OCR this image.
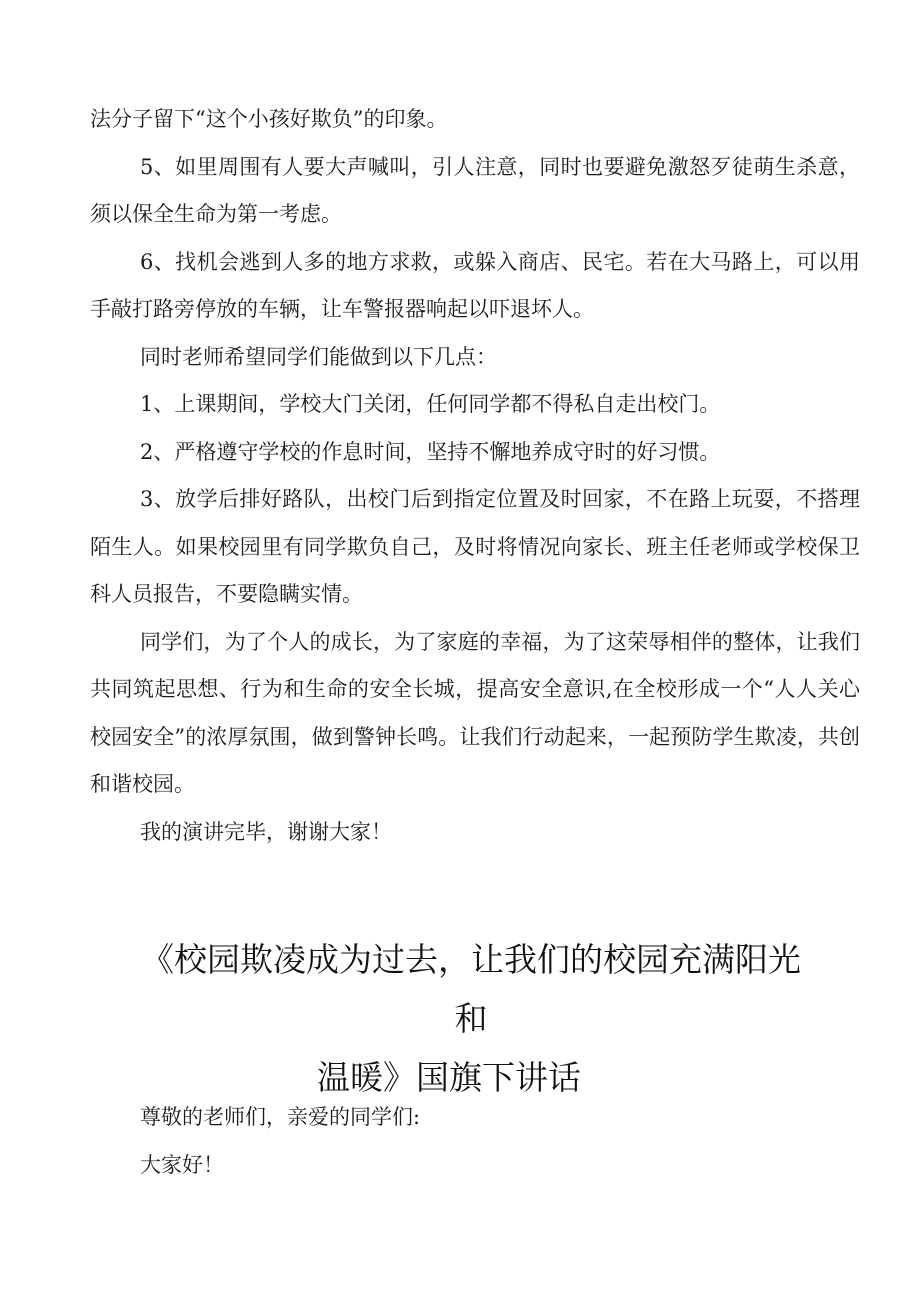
法分子留下“这个小孩好欺负”的印象。

5、如里周围有人要大声喊叫，引人注意，同时也要避免激怒歹徒萌生杀意，须以保全生命为第一考虑。

6、找机会逃到人多的地方求救，或躲入商店、民宅。若在大马路上，可以用手敲打路旁停放的车辆，让车警报器响起以吓退坏人。

同时老师希望同学们能做到以下几点：

1、上课期间，学校大门关闭，任何同学都不得私自走出校门。

2、严格遵守学校的作息时间，坚持不懈地养成守时的好习惯。

3、放学后排好路队，出校门后到指定位置及时回家，不在路上玩耍，不搭理陌生人。如果校园里有同学欺负自己，及时将情况向家长、班主任老师或学校保卫科人员报告，不要隐瞒实情。

同学们，为了个人的成长，为了家庭的幸福，为了这荣辱相伴的整体，让我们共同筑起思想、行为和生命的安全长城，提高安全意识,在全校形成一个“人人关心校园安全”的浓厚氛围，做到警钟长鸣。让我们行动起来，一起预防学生欺凌，共创和谐校园。

我的演讲完毕，谢谢大家！

《校园欺凌成为过去，让我们的校园充满阳光和
温暖》国旗下讲话

尊敬的老师们，亲爱的同学们:

大家好！
